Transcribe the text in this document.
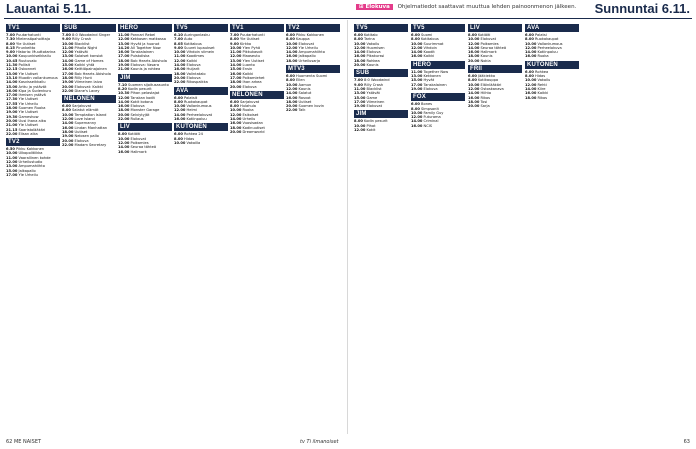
Lauantai 5.11.	⊞ Elokuva Ohjelmatiedot saattavat muuttua lehden painoonmenon jälkeen. Sunnuntai 6.11.
TV1
7.00 Puutarhatunti
7.30 Mielensäpahoittaja
8.00 Yle Uutiset
8.15 Pirunkeitto
9.00 Historia: Muuttotarina
10.00 Kaupunkiseikkailu
10.45 Ruutuvalo
11.30 Poliisit
12.15 Osbonnet
13.00 Yle Uutiset
13.10 Muodin vallankumous
14.00 Kasvisseikkailu
15.00 Arttu ja ystävät
16.00 Kipa ja Sudenkuru
17.00 Ihmisen ystävä
17.30 Yle Uutiset
17.55 Yle Urheilu
18.00 Suomen Ruoka
19.00 Yle Uutiset
19.30 Gameshow
20.00 Uusi ihana aika
21.00 Yle Uutiset
21.15 Saaristolääkäri
22.00 Elisan aika
TV2
6.50 Pikku Kakkonen
10.00 Ulkopolitiikka
11.00 Vaarallinen kohde
12.00 Urheilustudio
13.00 Ampumahiihto
15.00 Jalkapallo
17.00 Yle Urheilu
SUB
7.00 8:0 Woodwind Singer
9.00 Rilly Crash
10.00 Blacklist
11.00 Pihalla Night
12.00 Ystävät
13.00 Salaiset kansiot
14.00 Game of Homes
15.00 Kaikki yhtä
16.00 Keittiöpainajainen
17.00 Bob Hearts Abishola
18.00 Rilly Hunt
19.00 Viimeinen laiva
20.00 Elokuvat: Kaikki
22.00 Diane's Lacey
NELONEN
6.00 Sarjakuvat
8.00 Salatut elämät
10.00 Temptation Island
12.00 Love Island
14.00 Supernanny
16.00 Lindan Manhattan
18.00 Uutiset
19.00 Nelosen pallo
20.00 Elokuva
22.00 Madam Secretary
HERO
11.00 Ponnari Rebel
12.00 Kekkosen matkassa
13.00 Hyvät ja huonot
14.20 All Together Now
16.00 Tanskalainen
17.00 Puistoliska
18.00 Bob Hearts Abishola
19.00 Elokuva: Vasara
21.00 Kaunis ja rohkea
JIM
7.10 Suomen sijoitusasunto
8.20 Kodin pesurit
10.30 Pihan pelastajat
12.00 Tanskan kodit
14.00 Kokit kotona
16.00 Elokuva
18.00 Monster Garage
20.00 Selviytyjät
22.00 Rullaus
LIV
8.00 Kotiäiti
10.00 Elokuvat
12.00 Poikamies
14.00 Seuraa tähteä
16.00 Hallmark
TV5
6.10 Auringonlasku
7.00 Auto
8.05 Kotitalous
9.00 Suuret lupaukset
10.00 Vihdoin viimein
11.00 Koodimes
12.00 Kaikki
14.00 Elokuva
16.00 Huijarit
18.00 Valintatalo
20.00 Elokuva
22.00 Rikospaikka
AVA
6.00 Palatsit
8.00 Ruokakaupat
10.00 Vallankumous
12.00 Helmi
14.00 Perheelokuvat
16.00 Kotiinpaluu
KUTONEN
6.00 Rohkea 24
8.00 Hidas
10.00 Vakoilla
TV1
7.00 Puutarhatunti
8.00 Yle Uutiset
9.00 Kirkko
10.00 Ylen Pyhä
11.00 Pikkukasvit
12.00 Maaseutu
13.00 Ylen Uutiset
14.00 Luonto
15.00 Ensin
16.00 Kaikki
17.00 Poikamiehet
18.00 Ihan arkea
20.00 Elokuva
NELONEN
6.00 Sarjakuvat
8.00 Hulahula
10.00 Ruoka
12.00 Esikoiset
14.00 Urheilu
16.00 Vuosisadan
18.00 Kodinuutiset
20.00 Dreamworld
TV2
6.00 Pikku Kakkonen
8.00 Kauppa
10.00 Elokuvat
12.00 Yle Urheilu
14.00 Ampumahiihto
16.00 Jalkapallo
18.00 Urheilusarja
MTV3
6.00 Huomenta Suomi
8.00 Ellen
10.00 Aamun
12.00 Kaunis
14.00 Salatut
16.00 Rosvot
18.00 Uutiset
20.00 Suomen kovin
22.00 Talk
TV5
6.00 Kotitalo
8.00 Tarina
10.00 Vakoilu
12.00 Huomisen
14.00 Elokuva
16.00 Pikakurssi
18.00 Rohkea
20.00 Kaunis
SUB
7.00 8:0 Woodwind
9.00 Rilly Crash
11.00 Blacklist
13.00 Ystävät
15.00 Game
17.00 Viimeinen
19.00 Elokuvat
JIM
8.00 Kodin pesurit
10.00 Pihat
12.00 Kokit
TV5
6.00 Suomi
8.00 Kotitalous
10.00 Suurimmat
12.00 Vihdoin
14.00 Koodit
16.00 Kaikki
HERO
11.00 Together Now
13.00 Kekkonen
15.00 Hyvät
17.00 Tanskalainen
19.00 Elokuva
FOX
6.00 Bones
8.00 Simpsonit
10.00 Family Guy
12.00 Futurama
14.00 Criminal
16.00 NCIS
LIV
8.00 Kotiäiti
10.00 Elokuvat
12.00 Poikamies
14.00 Seuraa tähteä
16.00 Hallmark
18.00 Kaunis
20.00 Nokia
FRII
6.00 Jääkiekko
8.00 Kotikauppa
10.00 Eläinlääkäri
12.00 Ostoskanava
14.00 Hiihto
16.00 Rikos
18.00 Tosi
20.00 Sarja
AVA
6.00 Palatsi
8.00 Ruokakaupat
10.00 Vallankumous
12.00 Perheelokuva
14.00 Kotiinpaluu
16.00 Ruoka
KUTONEN
6.00 Rohkea
8.00 Hidas
10.00 Vakoilu
12.00 Rehti
14.00 Kiire
16.00 Kaikki
18.00 Rikos
62 ME NAISET	tv Ti ilmanoiset	63
